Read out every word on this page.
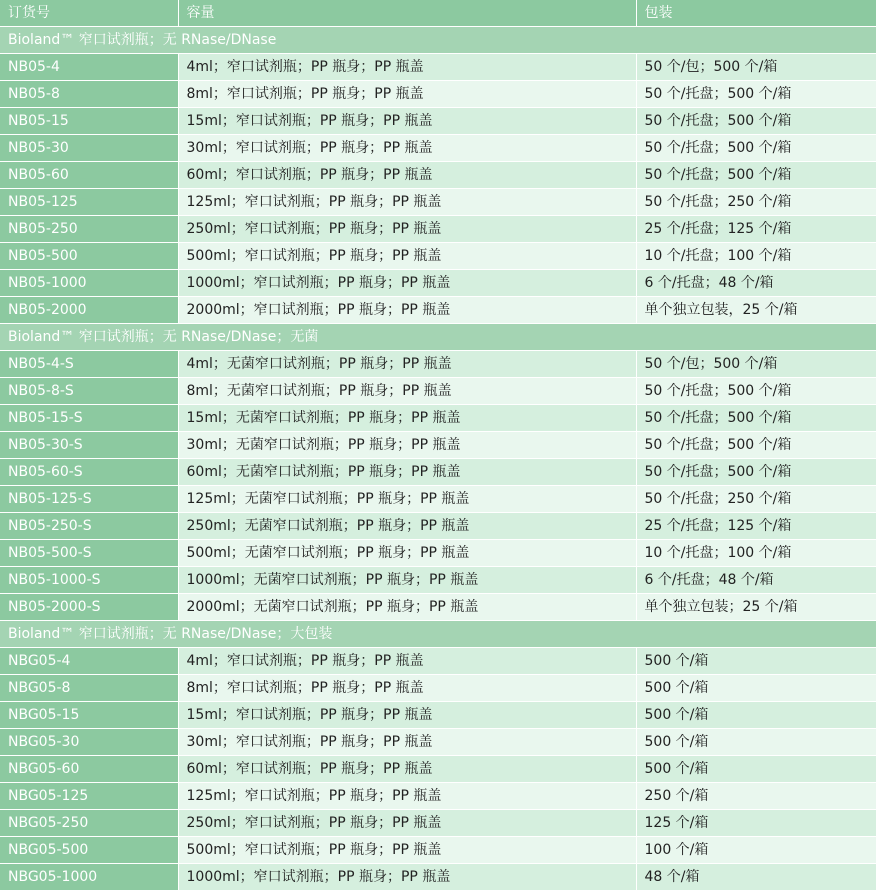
订货号	容量	包装
Bioland™ 窄口试剂瓶；无 RNase/DNase		
NB05-4	4ml；窄口试剂瓶；PP 瓶身；PP 瓶盖	50 个/包；500 个/箱
NB05-8	8ml；窄口试剂瓶；PP 瓶身；PP 瓶盖	50 个/托盘；500 个/箱
NB05-15	15ml；窄口试剂瓶；PP 瓶身；PP 瓶盖	50 个/托盘；500 个/箱
NB05-30	30ml；窄口试剂瓶；PP 瓶身；PP 瓶盖	50 个/托盘；500 个/箱
NB05-60	60ml；窄口试剂瓶；PP 瓶身；PP 瓶盖	50 个/托盘；500 个/箱
NB05-125	125ml；窄口试剂瓶；PP 瓶身；PP 瓶盖	50 个/托盘；250 个/箱
NB05-250	250ml；窄口试剂瓶；PP 瓶身；PP 瓶盖	25 个/托盘；125 个/箱
NB05-500	500ml；窄口试剂瓶；PP 瓶身；PP 瓶盖	10 个/托盘；100 个/箱
NB05-1000	1000ml；窄口试剂瓶；PP 瓶身；PP 瓶盖	6 个/托盘；48 个/箱
NB05-2000	2000ml；窄口试剂瓶；PP 瓶身；PP 瓶盖	单个独立包装，25 个/箱
Bioland™ 窄口试剂瓶；无 RNase/DNase；无菌		
NB05-4-S	4ml；无菌窄口试剂瓶；PP 瓶身；PP 瓶盖	50 个/包；500 个/箱
NB05-8-S	8ml；无菌窄口试剂瓶；PP 瓶身；PP 瓶盖	50 个/托盘；500 个/箱
NB05-15-S	15ml；无菌窄口试剂瓶；PP 瓶身；PP 瓶盖	50 个/托盘；500 个/箱
NB05-30-S	30ml；无菌窄口试剂瓶；PP 瓶身；PP 瓶盖	50 个/托盘；500 个/箱
NB05-60-S	60ml；无菌窄口试剂瓶；PP 瓶身；PP 瓶盖	50 个/托盘；500 个/箱
NB05-125-S	125ml；无菌窄口试剂瓶；PP 瓶身；PP 瓶盖	50 个/托盘；250 个/箱
NB05-250-S	250ml；无菌窄口试剂瓶；PP 瓶身；PP 瓶盖	25 个/托盘；125 个/箱
NB05-500-S	500ml；无菌窄口试剂瓶；PP 瓶身；PP 瓶盖	10 个/托盘；100 个/箱
NB05-1000-S	1000ml；无菌窄口试剂瓶；PP 瓶身；PP 瓶盖	6 个/托盘；48 个/箱
NB05-2000-S	2000ml；无菌窄口试剂瓶；PP 瓶身；PP 瓶盖	单个独立包装；25 个/箱
Bioland™ 窄口试剂瓶；无 RNase/DNase；大包装		
NBG05-4	4ml；窄口试剂瓶；PP 瓶身；PP 瓶盖	500 个/箱
NBG05-8	8ml；窄口试剂瓶；PP 瓶身；PP 瓶盖	500 个/箱
NBG05-15	15ml；窄口试剂瓶；PP 瓶身；PP 瓶盖	500 个/箱
NBG05-30	30ml；窄口试剂瓶；PP 瓶身；PP 瓶盖	500 个/箱
NBG05-60	60ml；窄口试剂瓶；PP 瓶身；PP 瓶盖	500 个/箱
NBG05-125	125ml；窄口试剂瓶；PP 瓶身；PP 瓶盖	250 个/箱
NBG05-250	250ml；窄口试剂瓶；PP 瓶身；PP 瓶盖	125 个/箱
NBG05-500	500ml；窄口试剂瓶；PP 瓶身；PP 瓶盖	100 个/箱
NBG05-1000	1000ml；窄口试剂瓶；PP 瓶身；PP 瓶盖	48 个/箱
